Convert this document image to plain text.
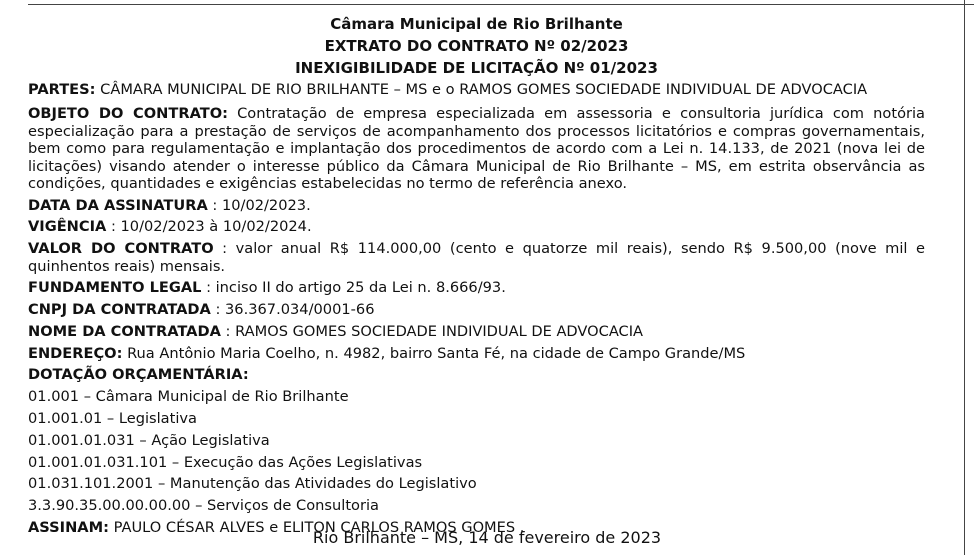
Câmara Municipal de Rio Brilhante

EXTRATO DO CONTRATO Nº 02/2023

INEXIGIBILIDADE DE LICITAÇÃO Nº 01/2023

PARTES: CÂMARA MUNICIPAL DE RIO BRILHANTE – MS e o RAMOS GOMES SOCIEDADE INDIVIDUAL DE ADVOCACIA

OBJETO DO CONTRATO: Contratação de empresa especializada em assessoria e consultoria jurídica com notória especialização para a prestação de serviços de acompanhamento dos processos licitatórios e compras governamentais, bem como para regulamentação e implantação dos procedimentos de acordo com a Lei n. 14.133, de 2021 (nova lei de licitações) visando atender o interesse público da Câmara Municipal de Rio Brilhante – MS, em estrita observância as condições, quantidades e exigências estabelecidas no termo de referência anexo.

DATA DA ASSINATURA : 10/02/2023.

VIGÊNCIA : 10/02/2023 à 10/02/2024.

VALOR DO CONTRATO : valor anual R$ 114.000,00 (cento e quatorze mil reais), sendo R$ 9.500,00 (nove mil e quinhentos reais) mensais.

FUNDAMENTO LEGAL : inciso II do artigo 25 da Lei n. 8.666/93.

CNPJ DA CONTRATADA : 36.367.034/0001-66

NOME DA CONTRATADA : RAMOS GOMES SOCIEDADE INDIVIDUAL DE ADVOCACIA

ENDEREÇO: Rua Antônio Maria Coelho, n. 4982, bairro Santa Fé, na cidade de Campo Grande/MS

DOTAÇÃO ORÇAMENTÁRIA:

01.001 – Câmara Municipal de Rio Brilhante

01.001.01 – Legislativa

01.001.01.031 – Ação Legislativa

01.001.01.031.101 – Execução das Ações Legislativas

01.031.101.2001 – Manutenção das Atividades do Legislativo

3.3.90.35.00.00.00.00 – Serviços de Consultoria

ASSINAM: PAULO CÉSAR ALVES e ELITON CARLOS RAMOS GOMES .

Rio Brilhante – MS, 14 de fevereiro de 2023
